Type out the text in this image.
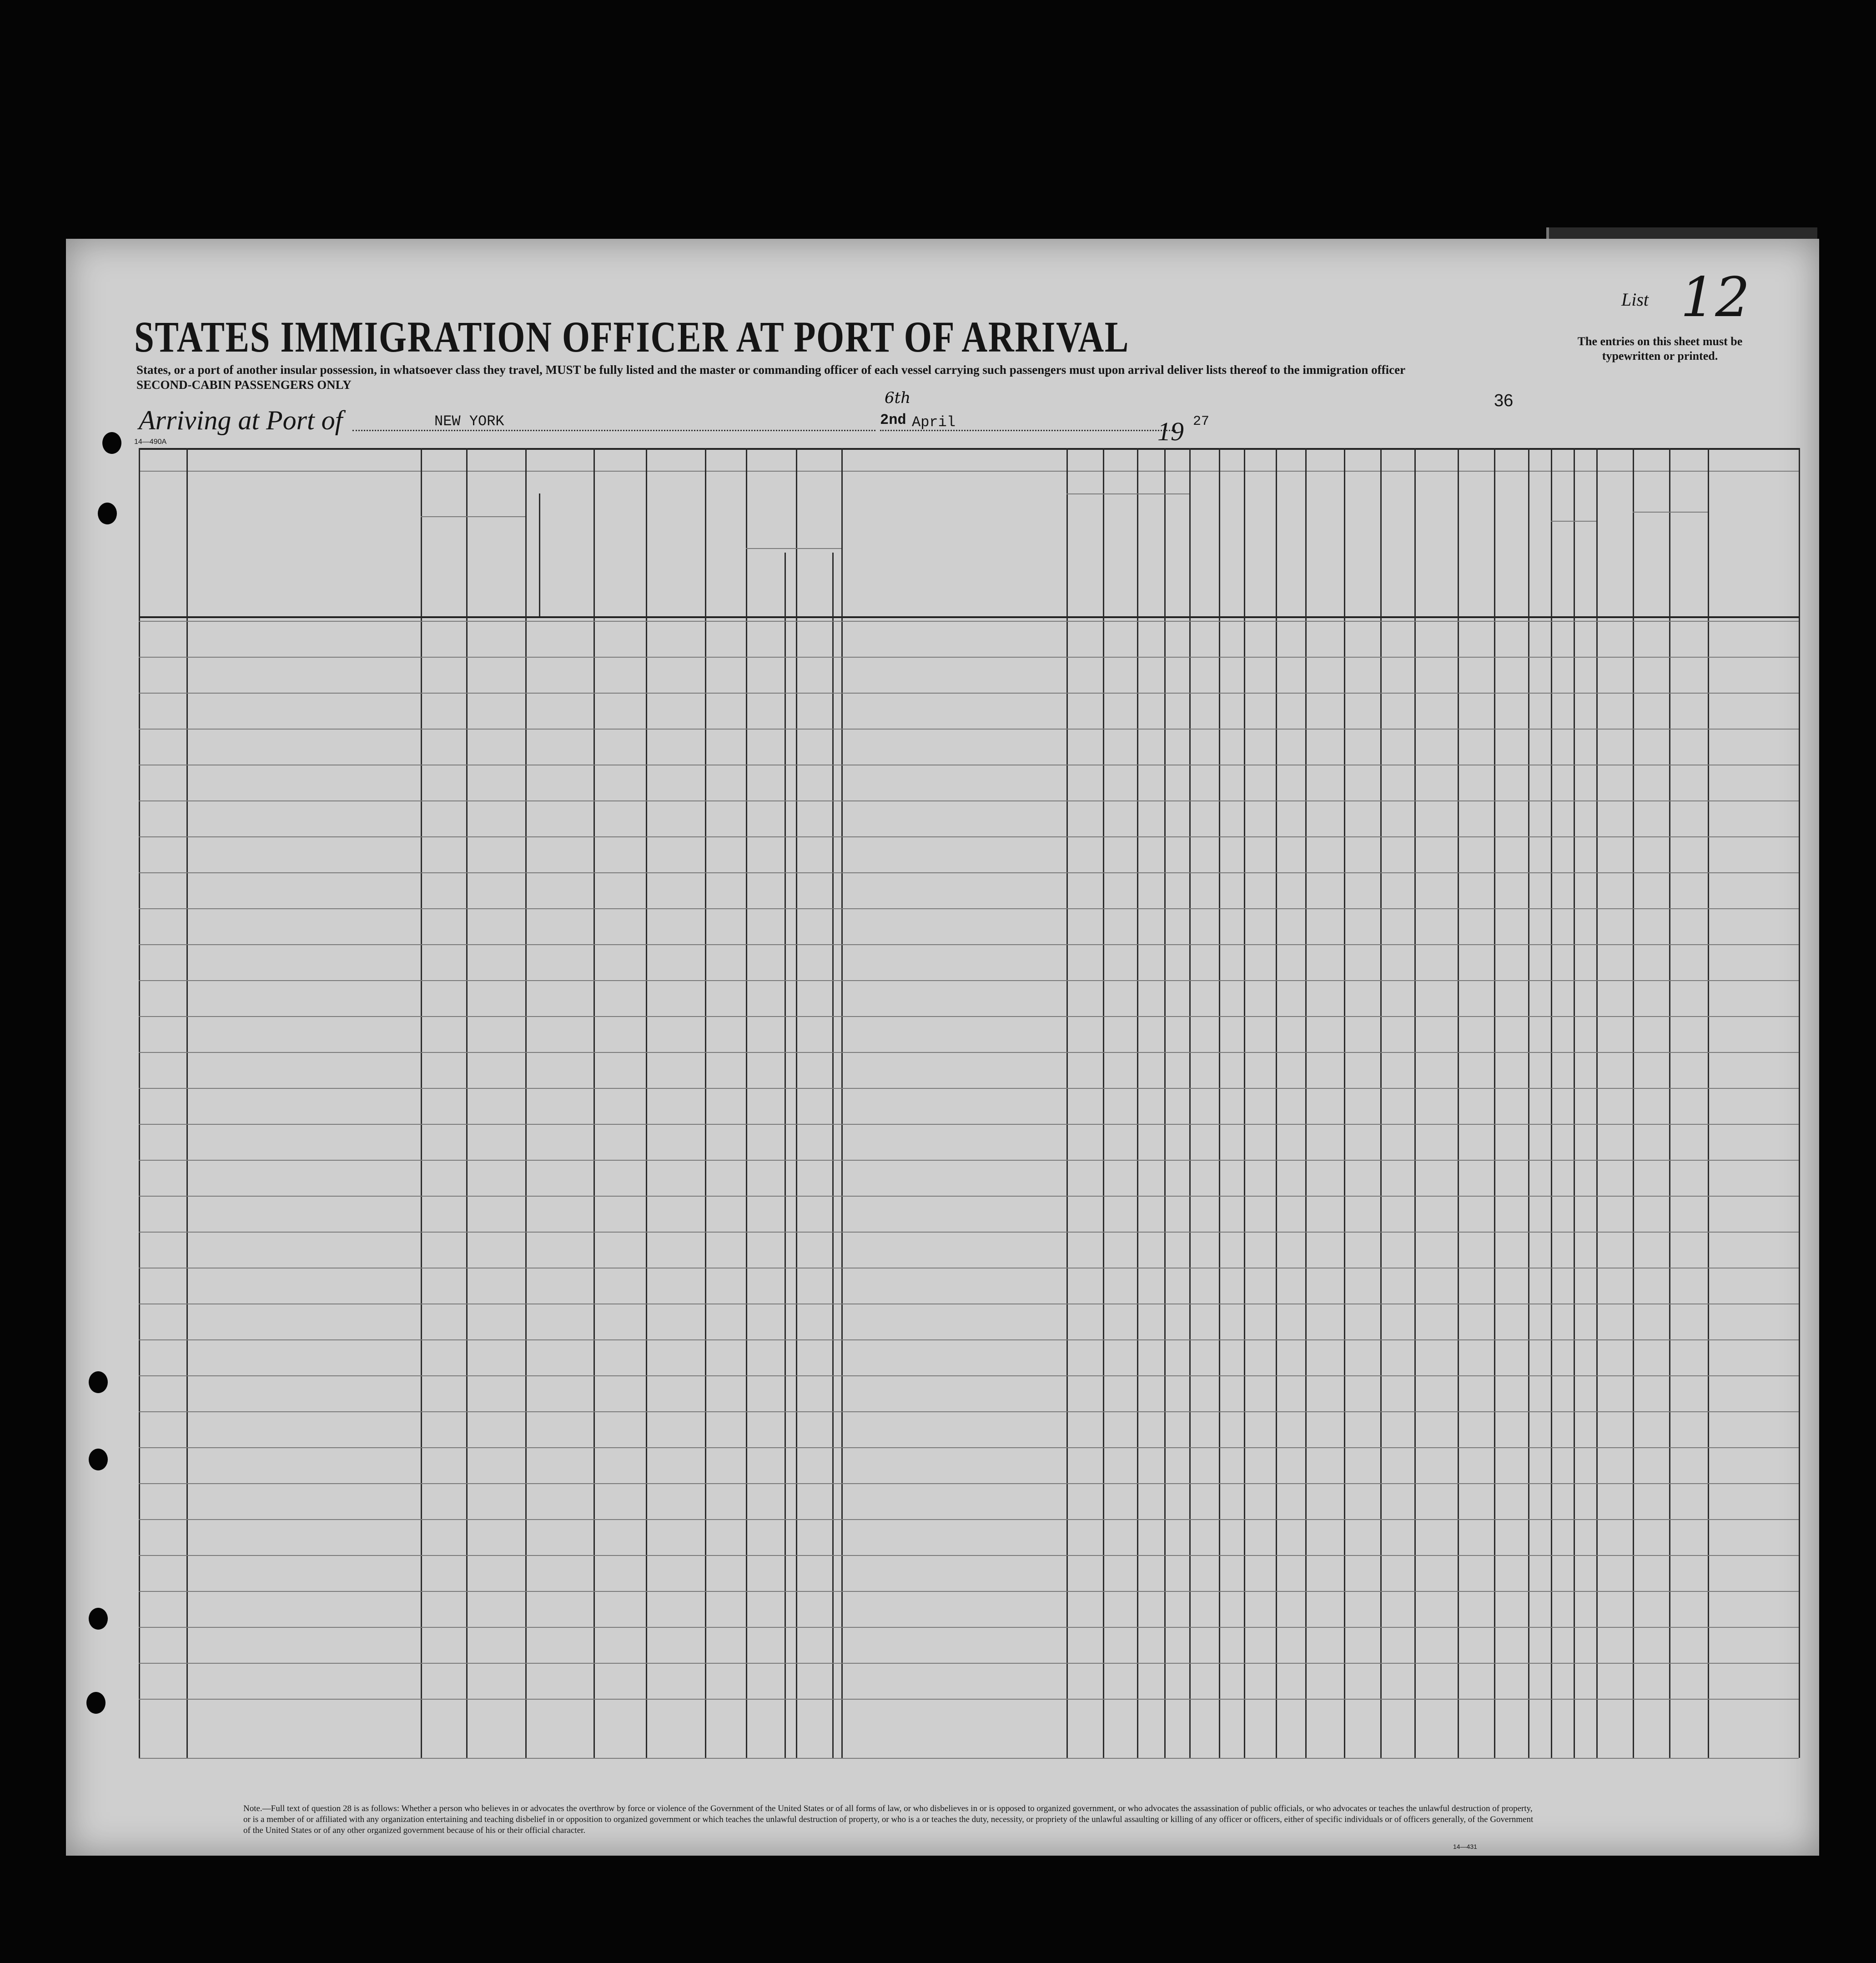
List 12
STATES IMMIGRATION OFFICER AT PORT OF ARRIVAL
States, or a port of another insular possession, in whatsoever class they travel, MUST be fully listed and the master or commanding officer of each vessel carrying such passengers must upon arrival deliver lists thereof to the immigration officer
SECOND-CABIN PASSENGERS ONLY
The entries on this sheet must be typewritten or printed.
36
Arriving at Port of	NEW YORK	2nd
6th
April	19 27
14—490A
Note.—Full text of question 28 is as follows: Whether a person who believes in or advocates the overthrow by force or violence of the Government of the United States or of all forms of law, or who disbelieves in or is opposed to organized government, or who advocates the assassination of public officials, or who advocates or teaches the unlawful destruction of property, or is a member of or affiliated with any organization entertaining and teaching disbelief in or opposition to organized government or which teaches the unlawful destruction of property, or who is a or teaches the duty, necessity, or propriety of the unlawful assaulting or killing of any officer or officers, either of specific individuals or of officers generally, of the Government of the United States or of any other organized government because of his or their official character.
14—431
